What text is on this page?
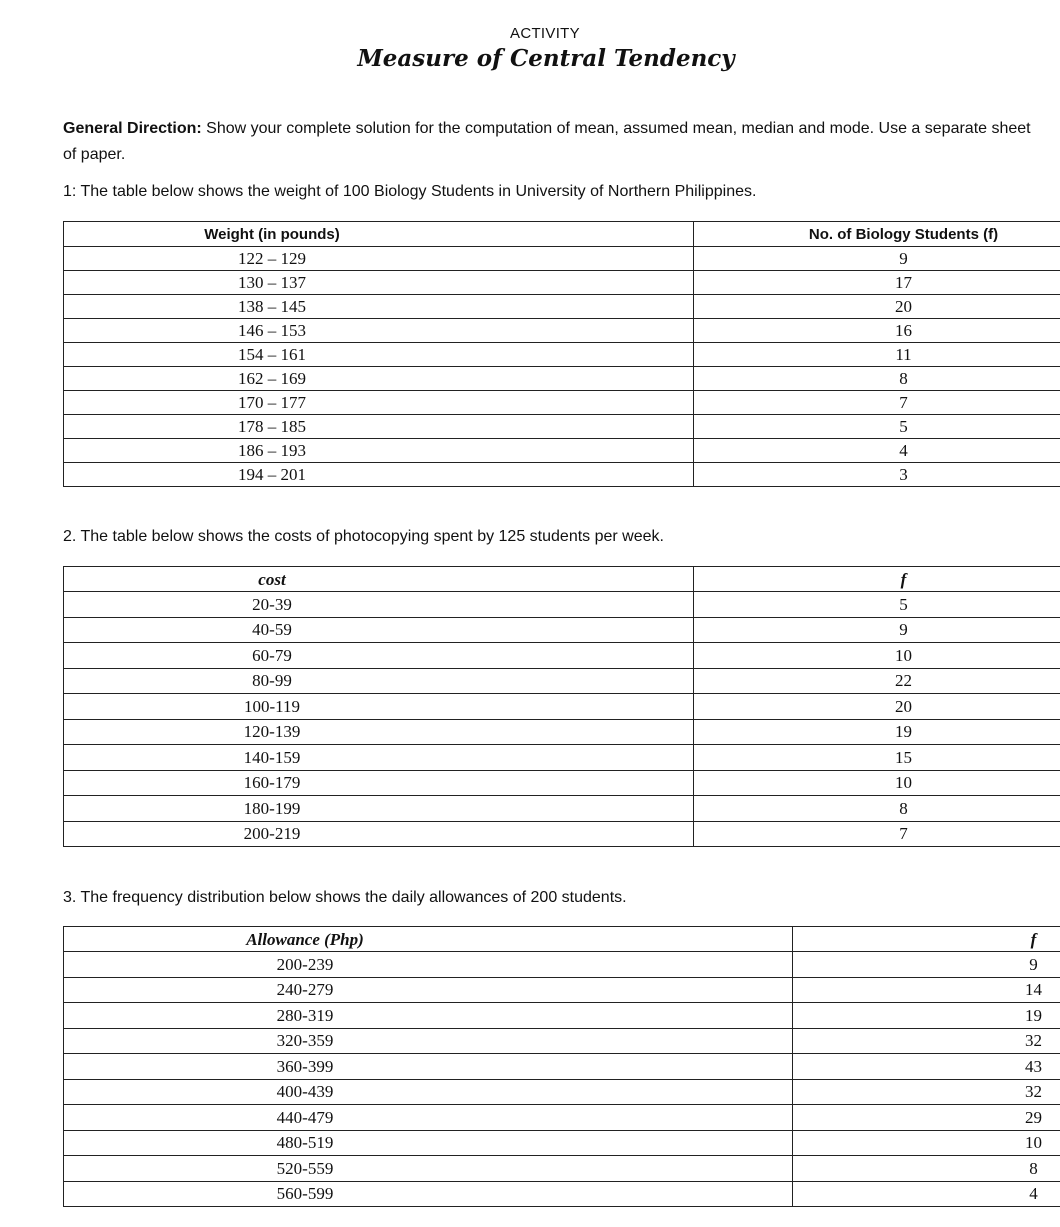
ACTIVITY
Measure of Central Tendency
General Direction: Show your complete solution for the computation of mean, assumed mean, median and mode. Use a separate sheet of paper.
1: The table below shows the weight of 100 Biology Students in University of Northern Philippines.
Weight (in pounds)	No. of Biology Students (f)
122 – 129	9
130 – 137	17
138 – 145	20
146 – 153	16
154 – 161	11
162 – 169	8
170 – 177	7
178 – 185	5
186 – 193	4
194 – 201	3
2. The table below shows the costs of photocopying spent by 125 students per week.
cost	f
20-39	5
40-59	9
60-79	10
80-99	22
100-119	20
120-139	19
140-159	15
160-179	10
180-199	8
200-219	7
3. The frequency distribution below shows the daily allowances of 200 students.
Allowance (Php)	f
200-239	9
240-279	14
280-319	19
320-359	32
360-399	43
400-439	32
440-479	29
480-519	10
520-559	8
560-599	4
